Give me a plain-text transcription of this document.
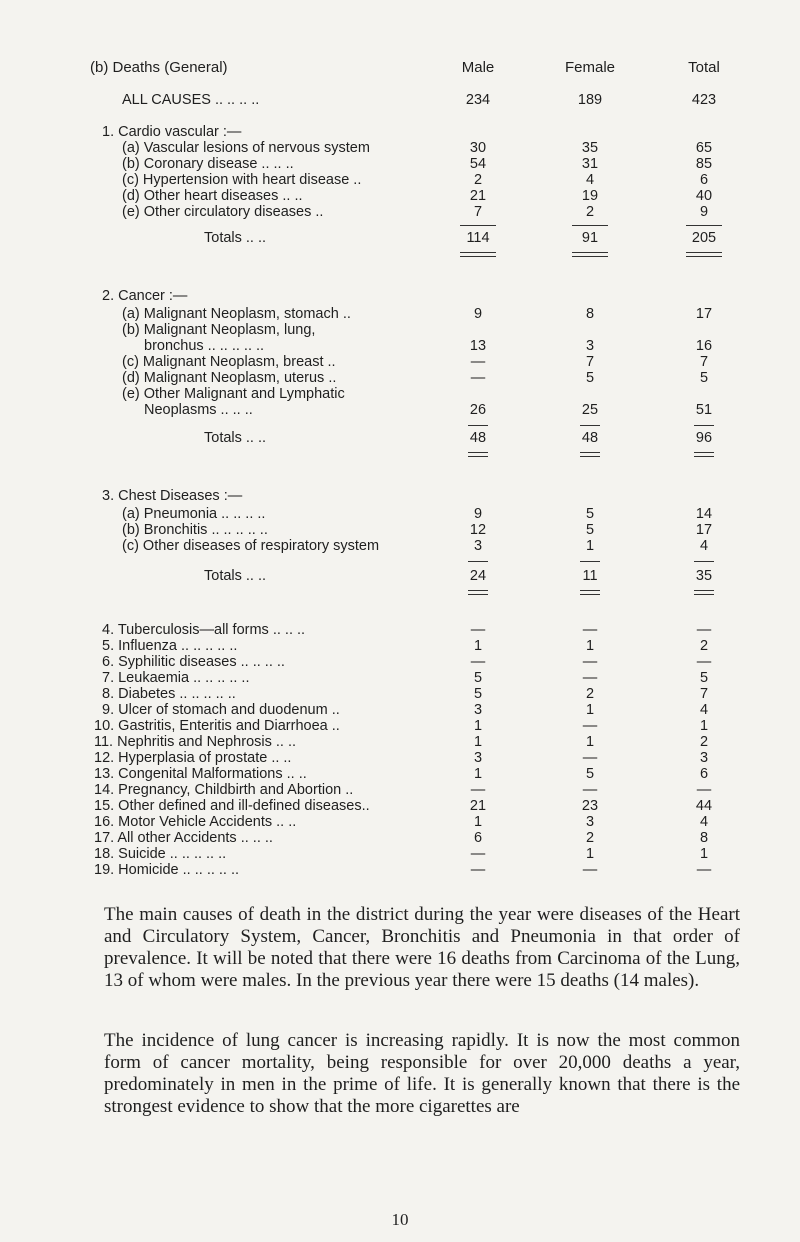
(b) Deaths (General)	Male	Female	Total
ALL CAUSES .. .. .. ..	234	189	423
1. Cardio vascular :—
(a) Vascular lesions of nervous system	30	35	65
(b) Coronary disease .. .. ..	54	31	85
(c) Hypertension with heart disease ..	2	4	6
(d) Other heart diseases .. ..	21	19	40
(e) Other circulatory diseases ..	7	2	9
Totals .. ..	114	91	205
2. Cancer :—
(a) Malignant Neoplasm, stomach ..	9	8	17
(b) Malignant Neoplasm, lung,
bronchus .. .. .. .. ..	13	3	16
(c) Malignant Neoplasm, breast ..	—	7	7
(d) Malignant Neoplasm, uterus ..	—	5	5
(e) Other Malignant and Lymphatic
Neoplasms .. .. ..	26	25	51
Totals .. ..	48	48	96
3. Chest Diseases :—
(a) Pneumonia .. .. .. ..	9	5	14
(b) Bronchitis .. .. .. .. ..	12	5	17
(c) Other diseases of respiratory system	3	1	4
Totals .. ..	24	11	35
4. Tuberculosis—all forms .. .. ..	—	—	—
5. Influenza .. .. .. .. ..	1	1	2
6. Syphilitic diseases .. .. .. ..	—	—	—
7. Leukaemia .. .. .. .. ..	5	—	5
8. Diabetes .. .. .. .. ..	5	2	7
9. Ulcer of stomach and duodenum ..	3	1	4
10. Gastritis, Enteritis and Diarrhoea ..	1	—	1
11. Nephritis and Nephrosis .. ..	1	1	2
12. Hyperplasia of prostate .. ..	3	—	3
13. Congenital Malformations .. ..	1	5	6
14. Pregnancy, Childbirth and Abortion ..	—	—	—
15. Other defined and ill-defined diseases..	21	23	44
16. Motor Vehicle Accidents .. ..	1	3	4
17. All other Accidents .. .. ..	6	2	8
18. Suicide .. .. .. .. ..	—	1	1
19. Homicide .. .. .. .. ..	—	—	—
The main causes of death in the district during the year were diseases of the Heart and Circulatory System, Cancer, Bronchitis and Pneumonia in that order of prevalence. It will be noted that there were 16 deaths from Carcinoma of the Lung, 13 of whom were males. In the previous year there were 15 deaths (14 males).
The incidence of lung cancer is increasing rapidly. It is now the most common form of cancer mortality, being responsible for over 20,000 deaths a year, predominately in men in the prime of life. It is generally known that there is the strongest evidence to show that the more cigarettes are
10
